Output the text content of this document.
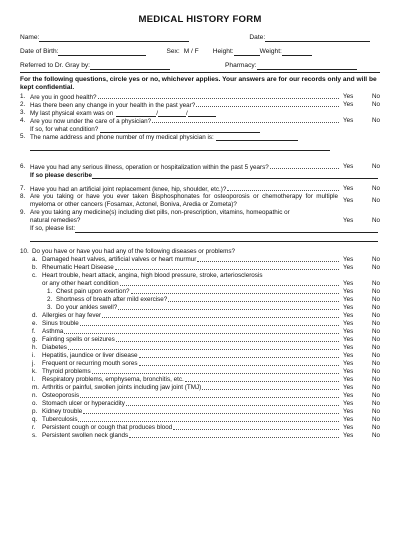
MEDICAL HISTORY FORM
Name:	Date:
Date of Birth:	Sex: M / F Height:	Weight:
Referred to Dr. Gray by:	Pharmacy:
For the following questions, circle yes or no, whichever applies. Your answers are for our records only and will be kept confidential.
1. Are you in good health?	Yes	No
2. Has there been any change in your health in the past year?	Yes	No
3. My last physical exam was on	/	/
4. Are you now under the care of a physician?	Yes	No
If so, for what condition?
5. The name address and phone number of my medical physician is:
6. Have you had any serious illness, operation or hospitalization within the past 5 years?	Yes	No
If so please describe
7. Have you had an artificial joint replacement (knee, hip, shoulder, etc.)?	Yes	No
8. Are you taking or have you ever taken Bisphosphonates for osteoporosis or chemotherapy for multiple myeloma or other cancers (Fosamax, Actonel, Boniva, Aredia or Zometa)?
Yes	No
9. Are you taking any medicine(s) including diet pills, non-prescription, vitamins, homeopathic or natural remedies?	Yes	No
If so, please list:
10. Do you have or have you had any of the following diseases or problems?
a. Damaged heart valves, artificial valves or heart murmur	Yes	No
b. Rheumatic Heart Disease	Yes	No
c. Heart trouble, heart attack, angina, high blood pressure, stroke, arteriosclerosis
or any other heart condition	Yes	No
1. Chest pain upon exertion?	Yes	No
2. Shortness of breath after mild exercise?	Yes	No
3. Do your ankles swell?	Yes	No
d. Allergies or hay fever	Yes	No
e. Sinus trouble	Yes	No
f.	Asthma	Yes	No
g. Fainting spells or seizures	Yes	No
h. Diabetes	Yes	No
i.	Hepatitis, jaundice or liver disease	Yes	No
j.	Frequent or recurring mouth sores	Yes	No
k. Thyroid problems	Yes	No
l.	Respiratory problems, emphysema, bronchitis, etc.	Yes	No
m. Arthritis or painful, swollen joints including jaw joint (TMJ)	Yes	No
n. Osteoporosis	Yes	No
o. Stomach ulcer or hyperacidity	Yes	No
p. Kidney trouble	Yes	No
q. Tuberculosis	Yes	No
r.	Persistent cough or cough that produces blood	Yes	No
s. Persistent swollen neck glands	Yes	No
